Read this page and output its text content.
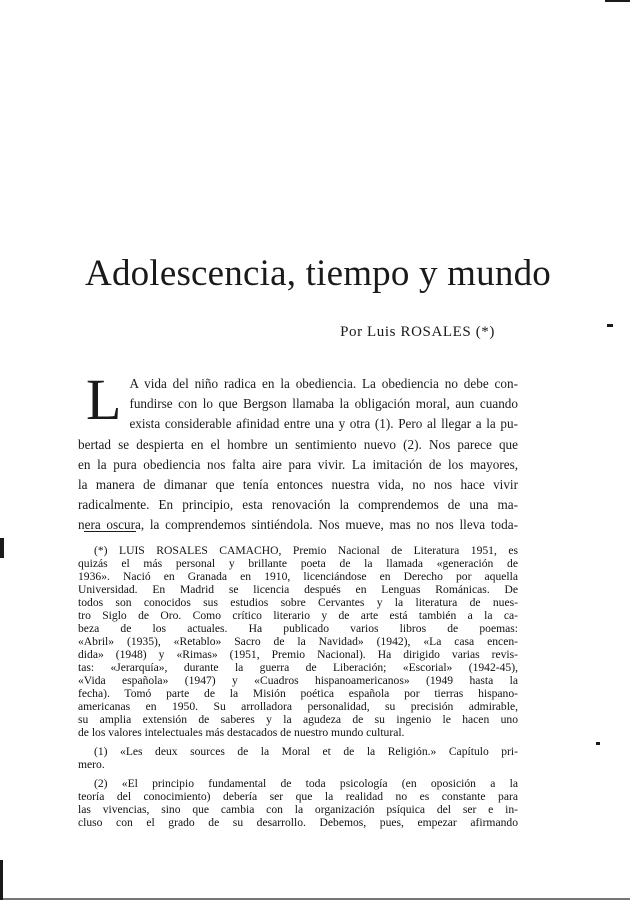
Adolescencia, tiempo y mundo
Por Luis ROSALES (*)
L A vida del niño radica en la obediencia. La obediencia no debe con-
fundirse con lo que Bergson llamaba la obligación moral, aun cuando
exista considerable afinidad entre una y otra (1). Pero al llegar a la pu-
bertad se despierta en el hombre un sentimiento nuevo (2). Nos parece que
en la pura obediencia nos falta aire para vivir. La imitación de los mayores,
la manera de dimanar que tenía entonces nuestra vida, no nos hace vivir
radicalmente. En principio, esta renovación la comprendemos de una ma-
nera oscura, la comprendemos sintiéndola. Nos mueve, mas no nos lleva toda-

(*) LUIS ROSALES CAMACHO, Premio Nacional de Literatura 1951, es
quizás el más personal y brillante poeta de la llamada «generación de
1936». Nació en Granada en 1910, licenciándose en Derecho por aquella
Universidad. En Madrid se licencia después en Lenguas Románicas. De
todos son conocidos sus estudios sobre Cervantes y la literatura de nues-
tro Siglo de Oro. Como crítico literario y de arte está también a la ca-
beza de los actuales. Ha publicado varios libros de poemas:
«Abril» (1935), «Retablo» Sacro de la Navidad» (1942), «La casa encen-
dida» (1948) y «Rimas» (1951, Premio Nacional). Ha dirigido varias revis-
tas: «Jerarquía», durante la guerra de Liberación; «Escorial» (1942-45),
«Vida española» (1947) y «Cuadros hispanoamericanos» (1949 hasta la
fecha). Tomó parte de la Misión poética española por tierras hispano-
americanas en 1950. Su arrolladora personalidad, su precisión admirable,
su amplia extensión de saberes y la agudeza de su ingenio le hacen uno
de los valores intelectuales más destacados de nuestro mundo cultural.
(1) «Les deux sources de la Moral et de la Religión.» Capítulo pri-
mero.
(2) «El principio fundamental de toda psicología (en oposición a la
teoría del conocimiento) debería ser que la realidad no es constante para
las vivencias, sino que cambia con la organización psíquica del ser e in-
cluso con el grado de su desarrollo. Debemos, pues, empezar afirmando
